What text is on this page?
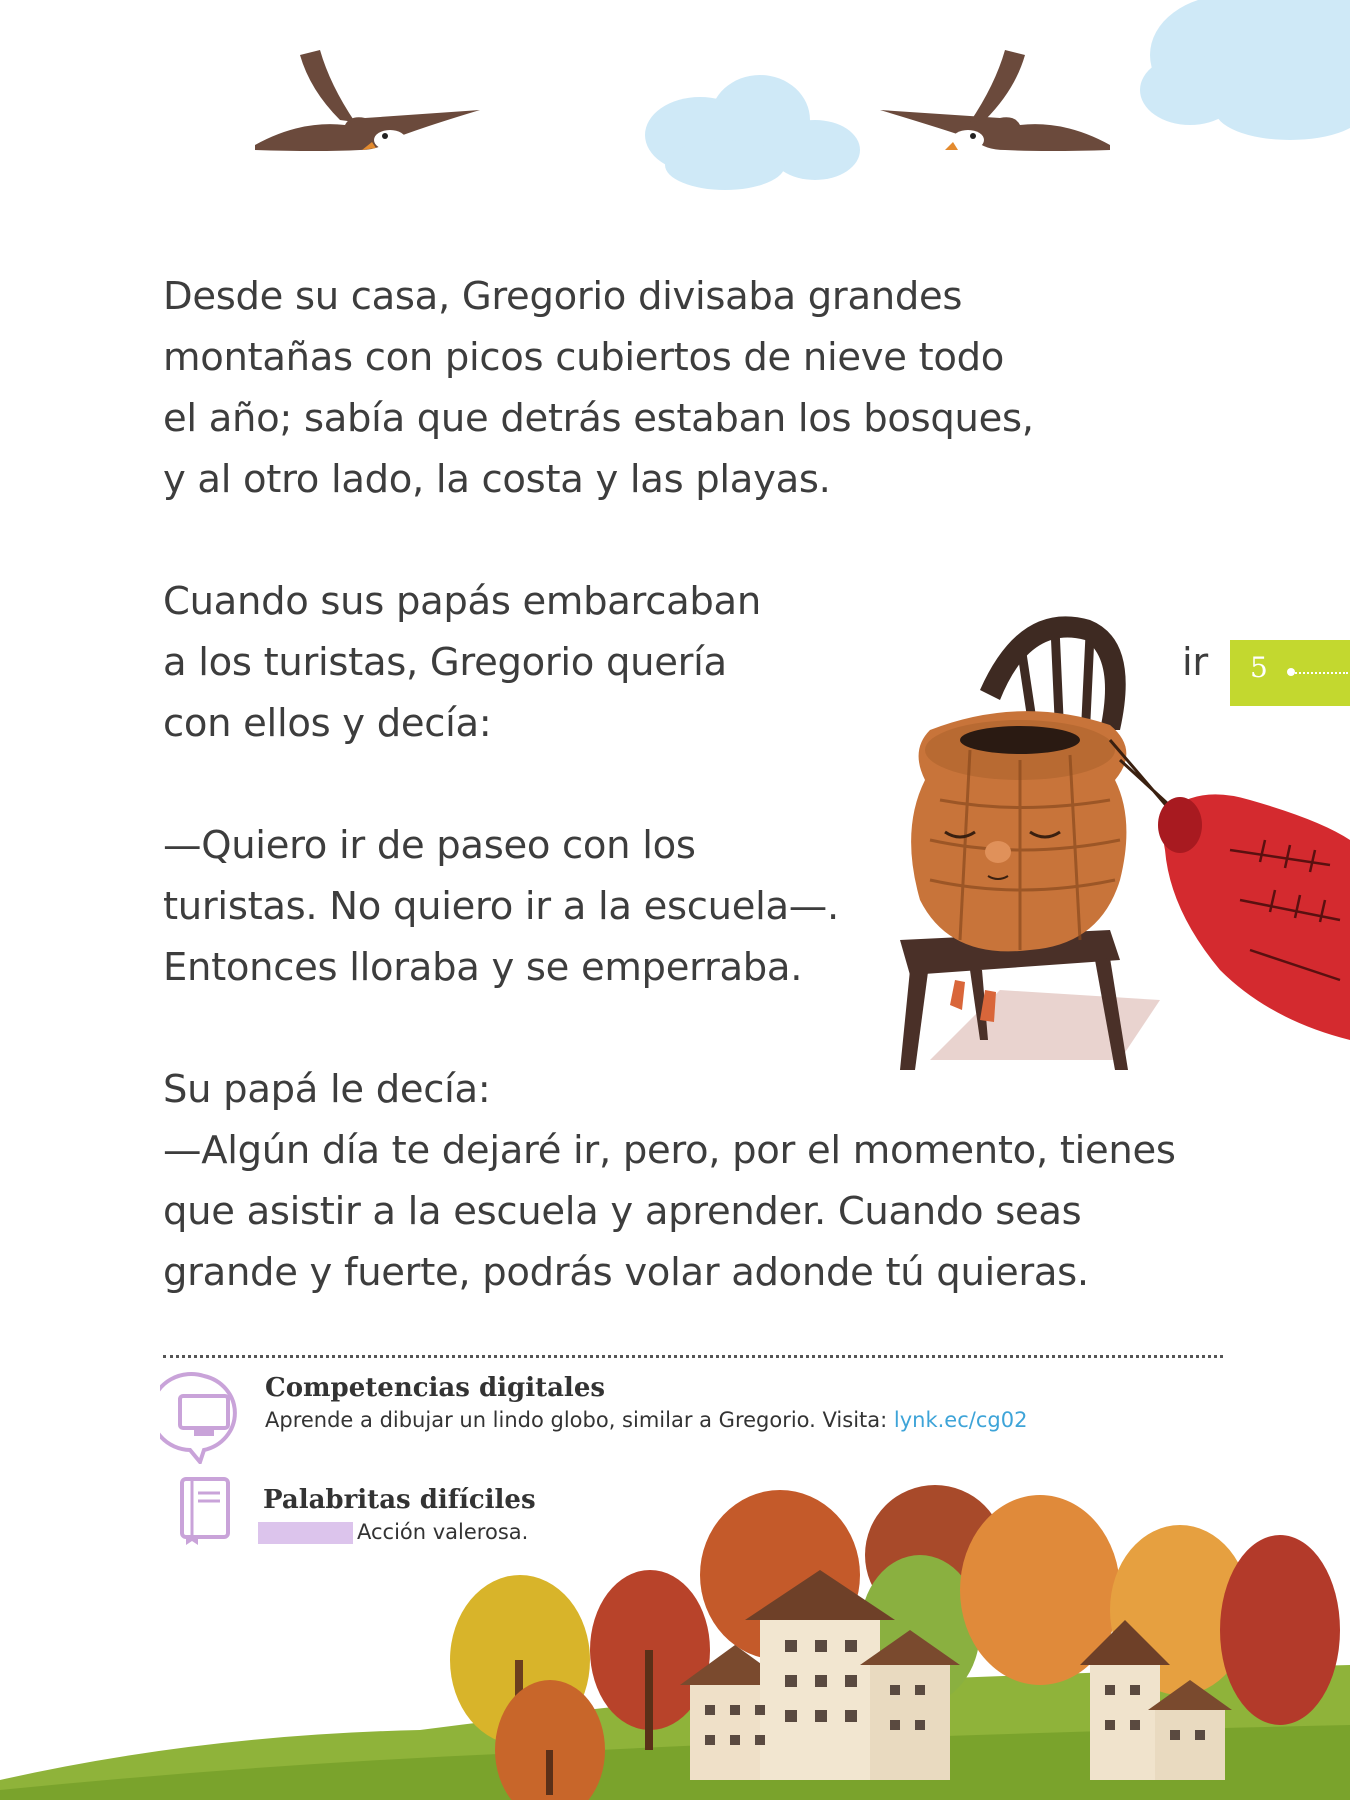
Desde su casa, Gregorio divisaba grandes
montañas con picos cubiertos de nieve todo
el año; sabía que detrás estaban los bosques,
y al otro lado, la costa y las playas.
Cuando sus papás embarcaban
a los turistas, Gregorio quería
con ellos y decía:
ir
—Quiero ir de paseo con los
turistas. No quiero ir a la escuela—.
Entonces lloraba y se emperraba.
Su papá le decía:
—Algún día te dejaré ir, pero, por el momento, tienes
que asistir a la escuela y aprender. Cuando seas
grande y fuerte, podrás volar adonde tú quieras.
5
Competencias digitales
Aprende a dibujar un lindo globo, similar a Gregorio. Visita: lynk.ec/cg02
Palabritas difíciles
Acción valerosa.
